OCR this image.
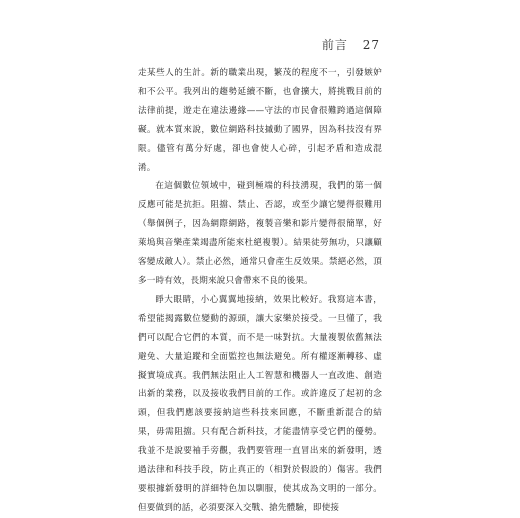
前言 27

走某些人的生計。新的職業出現，繁茂的程度不一，引發嫉妒和不公平。我列出的趨勢延續不斷，也會擴大，將挑戰目前的法律前提，遊走在違法邊緣——守法的市民會很難跨過這個障礙。就本質來說，數位網路科技摵動了國界，因為科技沒有界限。儘管有萬分好處，卻也會使人心碎，引起矛盾和造成混淆。

在這個數位領域中，碰到極端的科技湧現，我們的第一個反應可能是抗拒。阻擋、禁止、否認，或至少讓它變得很難用（舉個例子，因為網際網路，複製音樂和影片變得很簡單，好萊塢與音樂產業竭盡所能來杜絕複製）。結果徒勞無功，只讓顧客變成敵人）。禁止必然，通常只會產生反效果。禁絕必然，頂多一時有效，長期來說只會帶來不良的後果。

睜大眼睛，小心翼翼地接納，效果比較好。我寫這本書，希望能揭露數位變動的源頭，讓大家樂於接受。一旦懂了，我們可以配合它們的本質，而不是一味對抗。大量複製依舊無法避免、大量追蹤和全面監控也無法避免。所有權逐漸轉移、虛擬實境成真。我們無法阻止人工智慧和機器人一直改進、創造出新的業務，以及接收我們目前的工作。或許違反了起初的念頭，但我們應該要接納這些科技來回應，不斷重新混合的結果，毋需阻擋。只有配合新科技，才能盡情享受它們的優勢。我並不是說要袖手旁觀，我們要管理一直冒出來的新發明，透過法律和科技手段，防止真正的（相對於假設的）傷害。我們要根據新發明的詳細特色加以馴服，使其成為文明的一部分。但要做到的話，必須要深入交戰、搶先體驗，即使接
